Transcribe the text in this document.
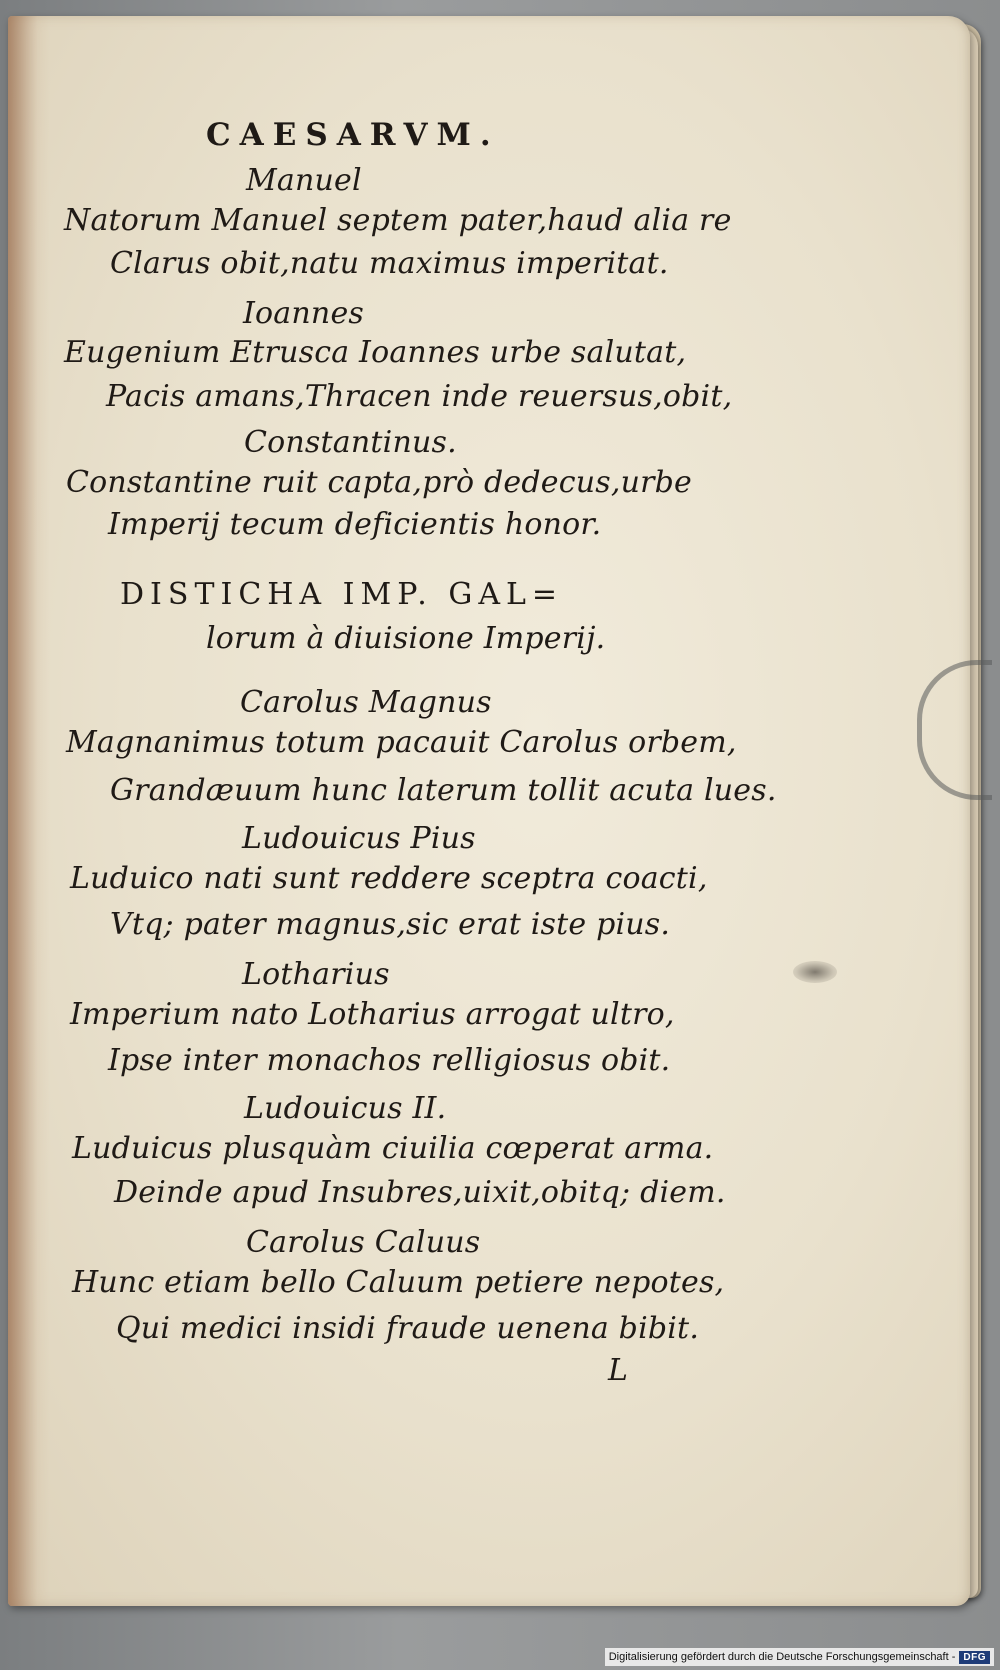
CAESARVM.
Manuel
Natorum Manuel septem pater,haud alia re
Clarus obit,natu maximus imperitat.
Ioannes
Eugenium Etrusca Ioannes urbe salutat,
Pacis amans,Thracen inde reuersus,obit,
Constantinus.
Constantine ruit capta,prò dedecus,urbe
Imperij tecum deficientis honor.
DISTICHA IMP. GAL=
lorum à diuisione Imperij.
Carolus Magnus
Magnanimus totum pacauit Carolus orbem,
Grandæuum hunc laterum tollit acuta lues.
Ludouicus Pius
Luduico nati sunt reddere sceptra coacti,
Vtq; pater magnus,sic erat iste pius.
Lotharius
Imperium nato Lotharius arrogat ultro,
Ipse inter monachos relligiosus obit.
Ludouicus II.
Luduicus plusquàm ciuilia cœperat arma.
Deinde apud Insubres,uixit,obitq; diem.
Carolus Caluus
Hunc etiam bello Caluum petiere nepotes,
Qui medici insidi fraude uenena bibit.
L
Digitalisierung gefördert durch die Deutsche Forschungsgemeinschaft - DFG
